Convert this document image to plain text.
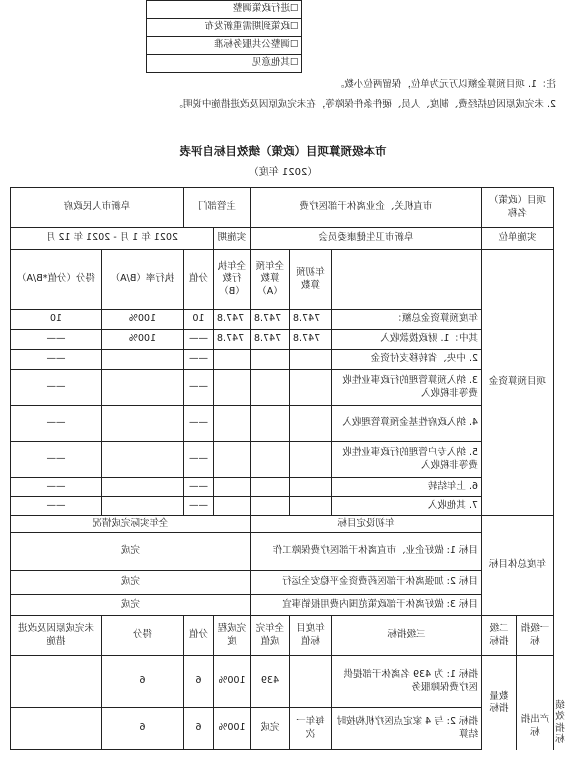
	☐进行政策调整	
☐政策到期需重新发布
☐调整公共服务标准
☐其他意见
注：1. 项目预算金额以万元为单位，保留两位小数。
2. 未完成原因包括经费、制度、人员、硬件条件保障等，在未完成原因及改进措施中说明。
市本级预算项目（政策）绩效目标自评表
（2021 年度）
项目（政策）名称		市直机关、企业离休干部医疗费			主管部门		阜新市人民政府	
实施单位		阜新市卫生健康委员会			实施期	2021 年 1 月 - 2021 年 12 月		
项目预算资金			年初预算数	全年预算数（A）	全年执行数（B）	分值	执行率（B/A）	得分（分值*B/A）
		年度预算资金总额：	747.8	747.8	747.8	10	100%	10
		其中：1. 财政拨款收入	747.8	747.8	747.8	——	100%	——
		2. 中央、省转移支付资金				——		——
		3. 纳入预算管理的行政事业性收费等非税收入				——		——
		4. 纳入政府性基金预算管理收入				——		——
		5. 纳入专户管理的行政事业性收费等非税收入				——		——
		6. 上年结转				——		——
		7. 其他收入				——		——
年度总体目标		年初设定目标			全年实际完成情况			
		目标 1: 做好企业、市直离休干部医疗费保障工作			完成			
		目标 2: 加强离休干部医药费资金平稳安全运行			完成			
		目标 3: 做好离休干部政策范围内费用报销事宜			完成			
一级指标	二级指标	三级指标	年度目标值	全年完成值	完成程度	分值	得分	未完成原因及改进措施

产出指标	数量指标	指标 1: 为 439 名离休干部提供医疗费保障服务		439	100%	6	6	
		指标 2: 与 4 家定点医疗机构按时结算	每年一次	完成	100%	6	6	
绩效指标
